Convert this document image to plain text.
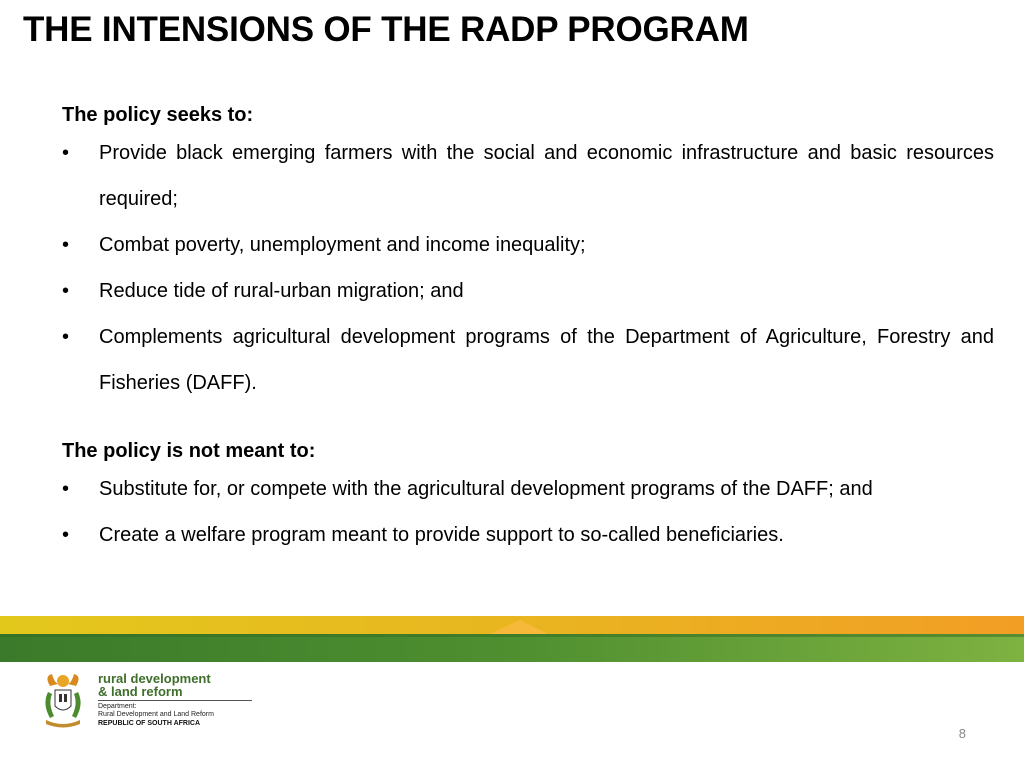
THE INTENSIONS OF THE RADP PROGRAM

The policy seeks to:

•	Provide black emerging farmers with the social and economic infrastructure and basic resources required;
•	Combat poverty, unemployment and income inequality;
•	Reduce tide of rural-urban migration; and
•	Complements agricultural development programs of the Department of Agriculture, Forestry and Fisheries (DAFF).

The policy is not meant to:

•	Substitute for, or compete with the agricultural development programs of the DAFF; and
•	Create a welfare program meant to provide support to so-called beneficiaries.
rural development
& land reform
Department:
Rural Development and Land Reform
REPUBLIC OF SOUTH AFRICA
8
